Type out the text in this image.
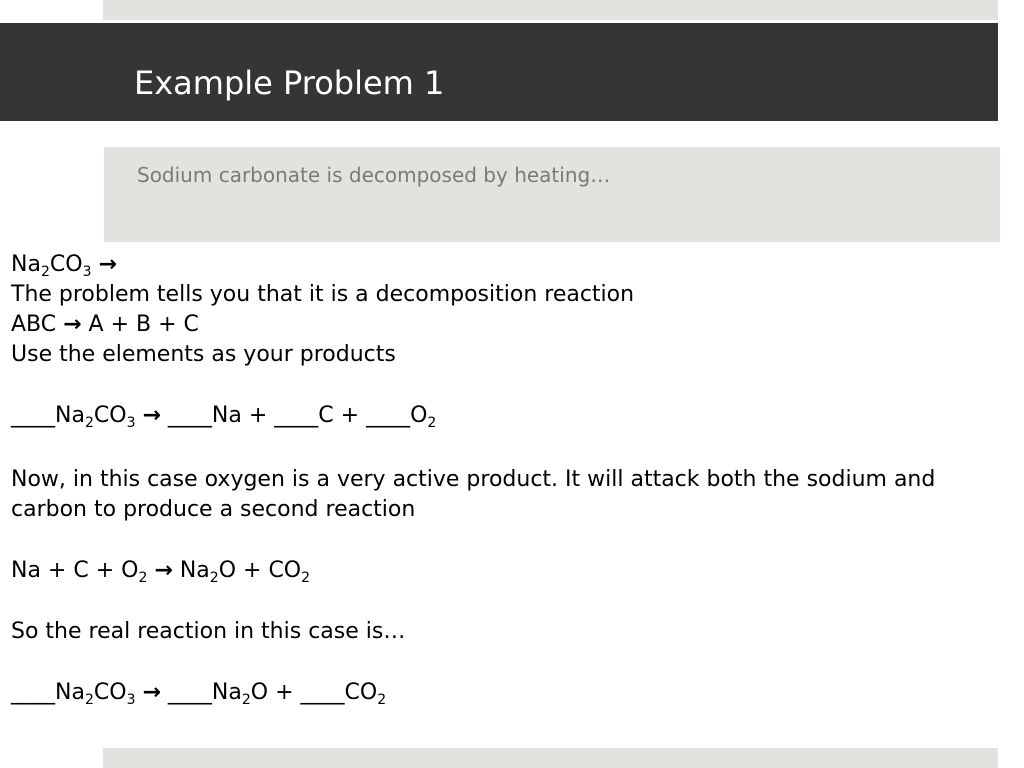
Example Problem 1
Sodium carbonate is decomposed by heating…
$Na_2CO_3$ →
The problem tells you that it is a decomposition reaction
ABC → A + B + C
Use the elements as your products
$\_\_\_\_Na_2CO_3$ → ____Na + ____C + $\_\_\_\_O_2$
Now, in this case oxygen is a very active product. It will attack both the sodium and carbon to produce a second reaction
$Na + C + O_2 \to Na_2O + CO_2$
So the real reaction in this case is…
$\_\_\_\_Na_2CO_3$ → $\_\_\_\_Na_2O$ + $\_\_\_\_CO_2$
